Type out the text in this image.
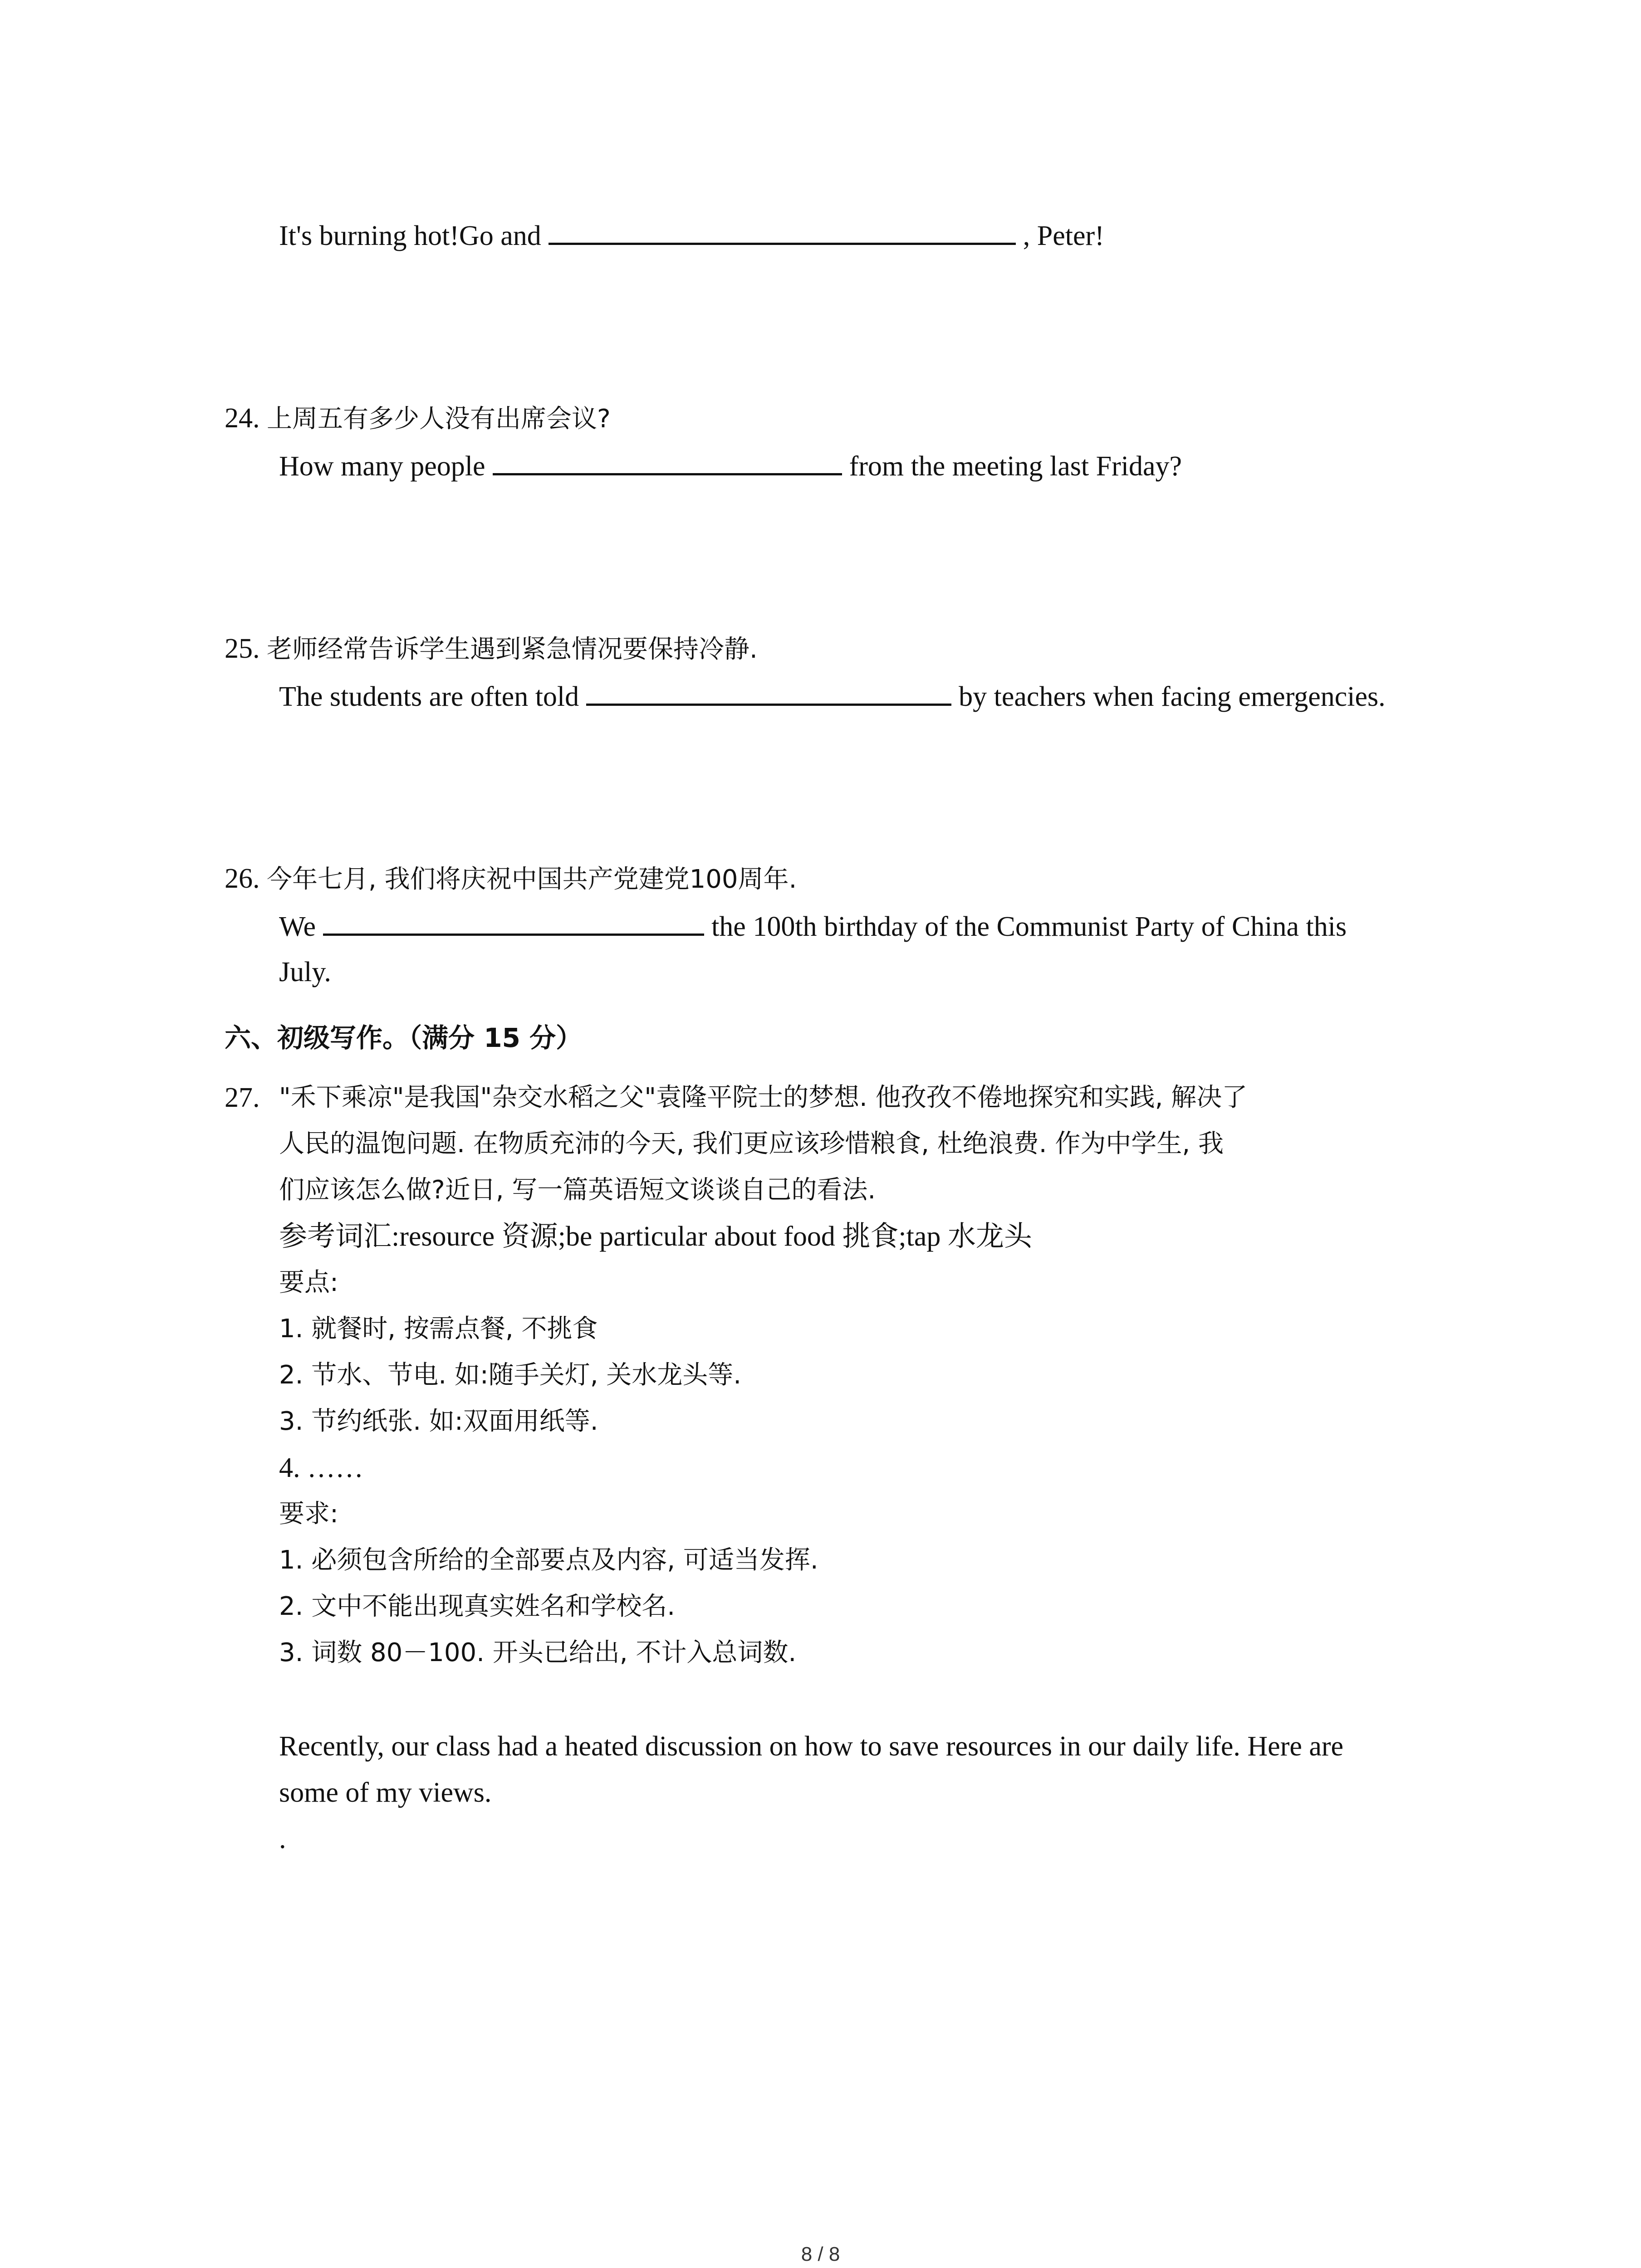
It's burning hot!Go and	, Peter!
24. 上周五有多少人没有出席会议?
How many people	from the meeting last Friday?
25. 老师经常告诉学生遇到紧急情况要保持冷静.
The students are often told	by teachers when facing emergencies.
26. 今年七月, 我们将庆祝中国共产党建党100周年.
We	the 100th birthday of the Communist Party of China this
July.
六、初级写作。（满分 15 分）
27. "禾下乘凉"是我国"杂交水稻之父"袁隆平院士的梦想. 他孜孜不倦地探究和实践, 解决了
人民的温饱问题. 在物质充沛的今天, 我们更应该珍惜粮食, 杜绝浪费. 作为中学生, 我
们应该怎么做?近日, 写一篇英语短文谈谈自己的看法.
参考词汇:resource 资源;be particular about food 挑食;tap 水龙头
要点:
1. 就餐时, 按需点餐, 不挑食
2. 节水、节电. 如:随手关灯, 关水龙头等.
3. 节约纸张. 如:双面用纸等.
4. ……
要求:
1. 必须包含所给的全部要点及内容, 可适当发挥.
2. 文中不能出现真实姓名和学校名.
3. 词数 80－100. 开头已给出, 不计入总词数.
Recently, our class had a heated discussion on how to save resources in our daily life. Here are
some of my views.
.
8 / 8
